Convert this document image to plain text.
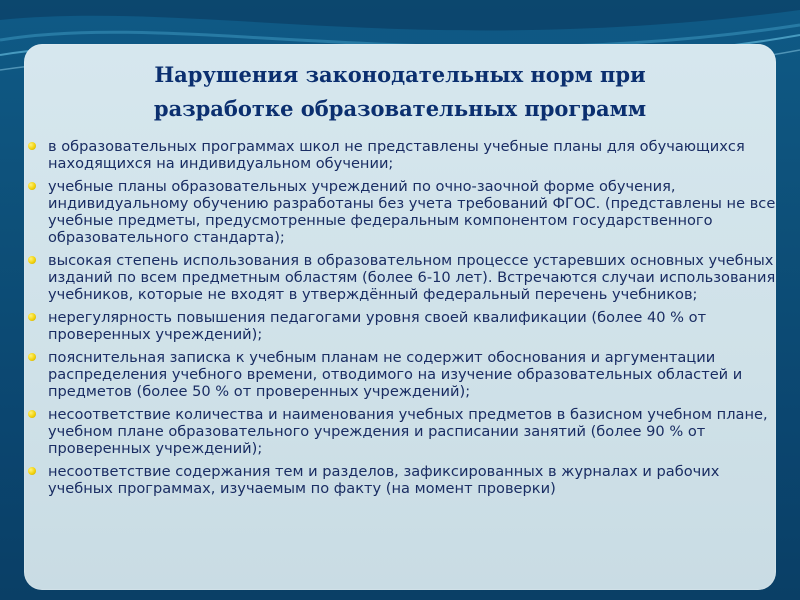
Нарушения законодательных норм при
разработке образовательных программ
в образовательных программах школ не представлены учебные планы для обучающихся находящихся на индивидуальном обучении;
учебные планы образовательных учреждений по очно-заочной форме обучения, индивидуальному обучению разработаны без учета требований ФГОС. (представлены не все учебные предметы, предусмотренные федеральным компонентом государственного образовательного стандарта);
высокая степень использования в образовательном процессе устаревших основных учебных изданий по всем предметным областям (более 6-10 лет). Встречаются случаи использования учебников, которые не входят в утверждённый федеральный перечень учебников;
нерегулярность повышения педагогами уровня своей квалификации (более 40 % от проверенных учреждений);
пояснительная записка к учебным планам не содержит обоснования и аргументации распределения учебного времени, отводимого на изучение образовательных областей и предметов (более 50 % от проверенных учреждений);
несоответствие количества и наименования учебных предметов в базисном учебном плане, учебном плане образовательного учреждения и расписании занятий (более 90 % от проверенных учреждений);
несоответствие содержания тем и разделов, зафиксированных в журналах и рабочих учебных программах, изучаемым по факту (на момент проверки)
